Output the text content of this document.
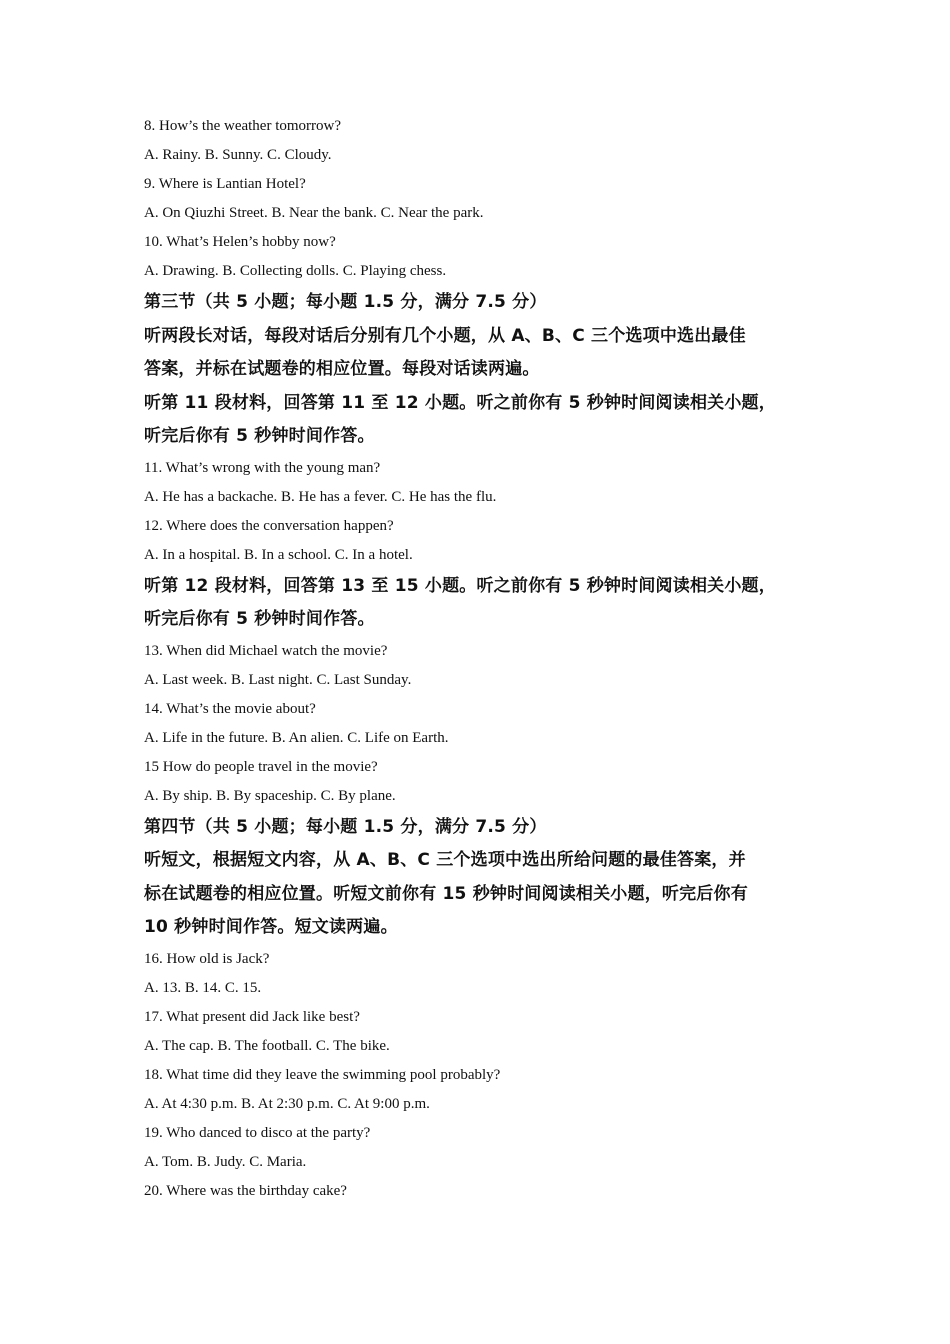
8. How’s the weather tomorrow?
A. Rainy. B. Sunny. C. Cloudy.
9. Where is Lantian Hotel?
A. On Qiuzhi Street. B. Near the bank. C. Near the park.
10. What’s Helen’s hobby now?
A. Drawing. B. Collecting dolls. C. Playing chess.
第三节（共 5 小题；每小题 1.5 分，满分 7.5 分）
听两段长对话，每段对话后分别有几个小题，从 A、B、C 三个选项中选出最佳
答案，并标在试题卷的相应位置。每段对话读两遍。
听第 11 段材料，回答第 11 至 12 小题。听之前你有 5 秒钟时间阅读相关小题，
听完后你有 5 秒钟时间作答。
11. What’s wrong with the young man?
A. He has a backache. B. He has a fever. C. He has the flu.
12. Where does the conversation happen?
A. In a hospital. B. In a school. C. In a hotel.
听第 12 段材料，回答第 13 至 15 小题。听之前你有 5 秒钟时间阅读相关小题，
听完后你有 5 秒钟时间作答。
13. When did Michael watch the movie?
A. Last week. B. Last night. C. Last Sunday.
14. What’s the movie about?
A. Life in the future. B. An alien. C. Life on Earth.
15 How do people travel in the movie?
A. By ship. B. By spaceship. C. By plane.
第四节（共 5 小题；每小题 1.5 分，满分 7.5 分）
听短文，根据短文内容，从 A、B、C 三个选项中选出所给问题的最佳答案，并
标在试题卷的相应位置。听短文前你有 15 秒钟时间阅读相关小题，听完后你有
10 秒钟时间作答。短文读两遍。
16. How old is Jack?
A. 13. B. 14. C. 15.
17. What present did Jack like best?
A. The cap. B. The football. C. The bike.
18. What time did they leave the swimming pool probably?
A. At 4:30 p.m. B. At 2:30 p.m. C. At 9:00 p.m.
19. Who danced to disco at the party?
A. Tom. B. Judy. C. Maria.
20. Where was the birthday cake?
